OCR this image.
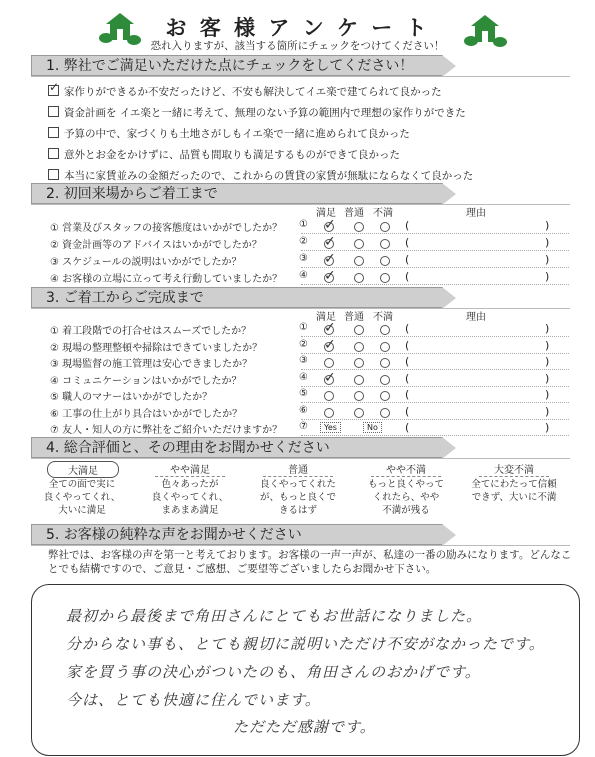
お 客 様 ア ン ケ ー ト
恐れ入りますが、該当する箇所にチェックをつけてください！
1. 弊社でご満足いただけた点にチェックをしてください！
✓家作りができるか不安だったけど、不安も解決してイエ楽で建てられて良かった
資金計画を イエ楽と一緒に考えて、無理のない予算の範囲内で理想の家作りができた
予算の中で、家づくりも土地さがしもイエ楽で一緒に進められて良かった
意外とお金をかけずに、品質も間取りも満足するものができて良かった
本当に家賃並みの金額だったので、これからの賃貸の家賃が無駄にならなくて良かった
2. 初回来場からご着工まで
満足 普通 不満	理由
① 営業及びスタッフの接客態度はいかがでしたか？ ① ✓	(	)
② 資金計画等のアドバイスはいかがでしたか？	② ✓	(	)
③ スケジュールの説明はいかがでしたか？	③ ✓	(	)
④ お客様の立場に立って考え行動していましたか？ ④ ✓	(	)
3. ご着工からご完成まで
満足 普通 不満	理由
① 着工段階での打合せはスムーズでしたか？	① ✓	(	)
② 現場の整理整頓や掃除はできていましたか？	② ✓	(	)
③ 現場監督の施工管理は安心できましたか？	③	(	)
④ コミュニケーションはいかがでしたか？	④ ✓	(	)
⑤ 職人のマナーはいかがでしたか？	⑤	(	)
⑥ 工事の仕上がり具合はいかがでしたか？	⑥	(	)
⑦ 友人・知人の方に弊社をご紹介いただけますか？ ⑦	Yes	No	(	)
4. 総合評価と、その理由をお聞かせください
大満足
全ての面で実に
良くやってくれ、
大いに満足
やや満足
色々あったが
良くやってくれ、
まあまあ満足
普通
良くやってくれた
が、もっと良くで
きるはず
やや不満
もっと良くやって
くれたら、やや
不満が残る
大変不満
全てにわたって信頼
できず、大いに不満
5. お客様の純粋な声をお聞かせください
弊社では、お客様の声を第一と考えております。お客様の一声一声が、私達の一番の励みになります。どんなことでも結構ですので、ご意見・ご感想、ご要望等ございましたらお聞かせ下さい。
最初から最後まで角田さんにとてもお世話になりました。
分からない事も、とても親切に説明いただけ不安がなかったです。
家を買う事の決心がついたのも、角田さんのおかげです。
今は、とても快適に住んでいます。
ただただ感謝です。
